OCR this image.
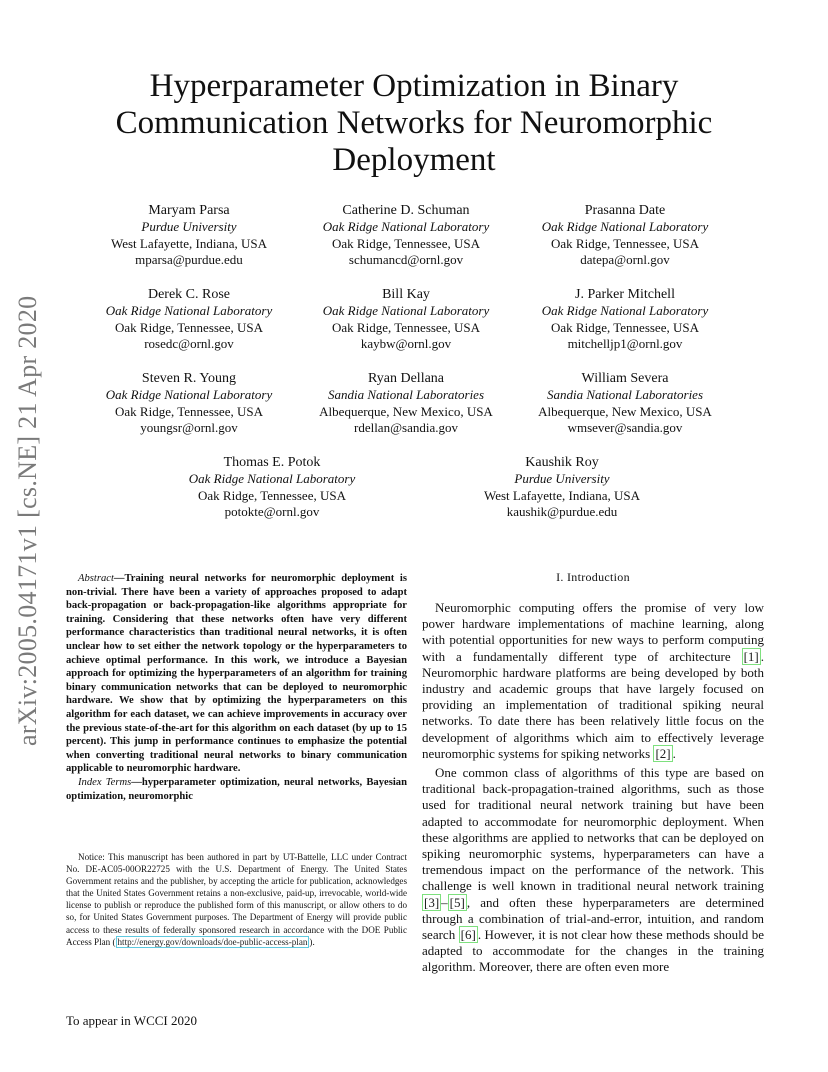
arXiv:2005.04171v1 [cs.NE] 21 Apr 2020
Hyperparameter Optimization in Binary Communication Networks for Neuromorphic Deployment
Maryam Parsa
Purdue University
West Lafayette, Indiana, USA
mparsa@purdue.edu
Catherine D. Schuman
Oak Ridge National Laboratory
Oak Ridge, Tennessee, USA
schumancd@ornl.gov
Prasanna Date
Oak Ridge National Laboratory
Oak Ridge, Tennessee, USA
datepa@ornl.gov
Derek C. Rose
Oak Ridge National Laboratory
Oak Ridge, Tennessee, USA
rosedc@ornl.gov
Bill Kay
Oak Ridge National Laboratory
Oak Ridge, Tennessee, USA
kaybw@ornl.gov
J. Parker Mitchell
Oak Ridge National Laboratory
Oak Ridge, Tennessee, USA
mitchelljp1@ornl.gov
Steven R. Young
Oak Ridge National Laboratory
Oak Ridge, Tennessee, USA
youngsr@ornl.gov
Ryan Dellana
Sandia National Laboratories
Albequerque, New Mexico, USA
rdellan@sandia.gov
William Severa
Sandia National Laboratories
Albequerque, New Mexico, USA
wmsever@sandia.gov
Thomas E. Potok
Oak Ridge National Laboratory
Oak Ridge, Tennessee, USA
potokte@ornl.gov
Kaushik Roy
Purdue University
West Lafayette, Indiana, USA
kaushik@purdue.edu

Abstract—Training neural networks for neuromorphic deployment is non-trivial. There have been a variety of approaches proposed to adapt back-propagation or back-propagation-like algorithms appropriate for training. Considering that these networks often have very different performance characteristics than traditional neural networks, it is often unclear how to set either the network topology or the hyperparameters to achieve optimal performance. In this work, we introduce a Bayesian approach for optimizing the hyperparameters of an algorithm for training binary communication networks that can be deployed to neuromorphic hardware. We show that by optimizing the hyperparameters on this algorithm for each dataset, we can achieve improvements in accuracy over the previous state-of-the-art for this algorithm on each dataset (by up to 15 percent). This jump in performance continues to emphasize the potential when converting traditional neural networks to binary communication applicable to neuromorphic hardware.

Index Terms—hyperparameter optimization, neural networks, Bayesian optimization, neuromorphic

Notice: This manuscript has been authored in part by UT-Battelle, LLC under Contract No. DE-AC05-00OR22725 with the U.S. Department of Energy. The United States Government retains and the publisher, by accepting the article for publication, acknowledges that the United States Government retains a non-exclusive, paid-up, irrevocable, world-wide license to publish or reproduce the published form of this manuscript, or allow others to do so, for United States Government purposes. The Department of Energy will provide public access to these results of federally sponsored research in accordance with the DOE Public Access Plan ( http://energy.gov/downloads/doe-public-access-plan ).
To appear in WCCI 2020
I. Introduction

Neuromorphic computing offers the promise of very low power hardware implementations of machine learning, along with potential opportunities for new ways to perform computing with a fundamentally different type of architecture [1] . Neuromorphic hardware platforms are being developed by both industry and academic groups that have largely focused on providing an implementation of traditional spiking neural networks. To date there has been relatively little focus on the development of algorithms which aim to effectively leverage neuromorphic systems for spiking networks [2] .

One common class of algorithms of this type are based on traditional back-propagation-trained algorithms, such as those used for traditional neural network training but have been adapted to accommodate for neuromorphic deployment. When these algorithms are applied to networks that can be deployed on spiking neuromorphic systems, hyperparameters can have a tremendous impact on the performance of the network. This challenge is well known in traditional neural network training [3] – [5] , and often these hyperparameters are determined through a combination of trial-and-error, intuition, and random search [6] . However, it is not clear how these methods should be adapted to accommodate for the changes in the training algorithm. Moreover, there are often even more
